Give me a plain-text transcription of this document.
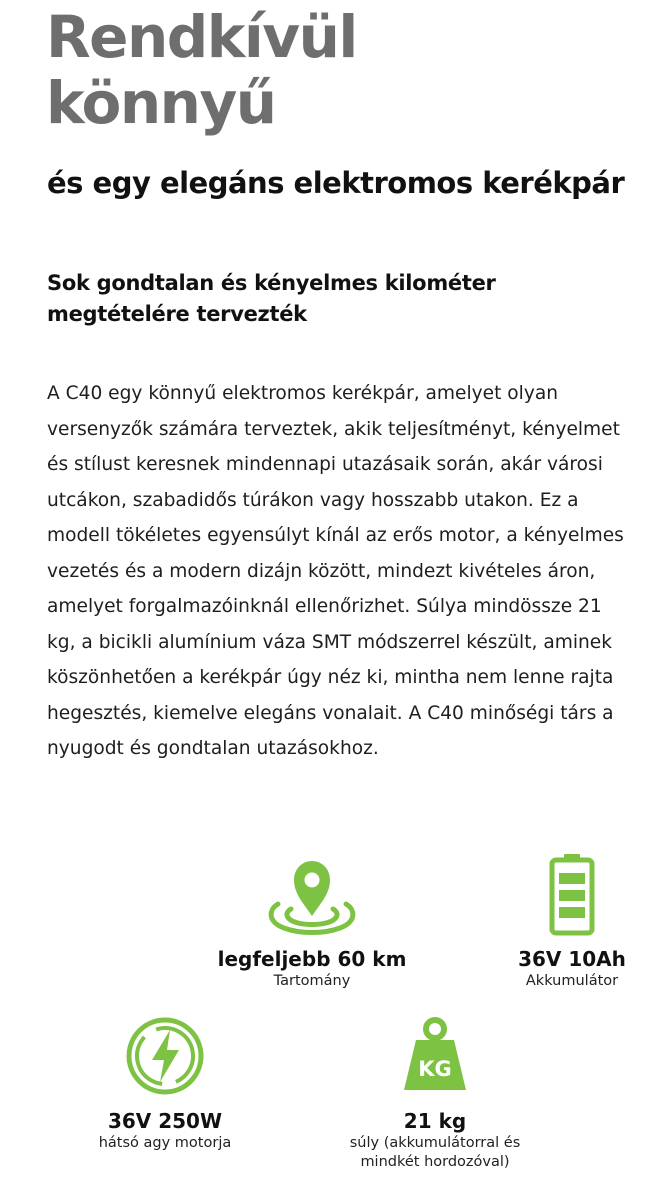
Rendkívül
könnyű
és egy elegáns elektromos kerékpár
Sok gondtalan és kényelmes kilométer megtételére tervezték

A C40 egy könnyű elektromos kerékpár, amelyet olyan versenyzők számára terveztek, akik teljesítményt, kényelmet és stílust keresnek mindennapi utazásaik során, akár városi utcákon, szabadidős túrákon vagy hosszabb utakon. Ez a modell tökéletes egyensúlyt kínál az erős motor, a kényelmes vezetés és a modern dizájn között, mindezt kivételes áron, amelyet forgalmazóinknál ellenőrizhet. Súlya mindössze 21 kg, a bicikli alumínium váza SMT módszerrel készült, aminek köszönhetően a kerékpár úgy néz ki, mintha nem lenne rajta hegesztés, kiemelve elegáns vonalait. A C40 minőségi társ a nyugodt és gondtalan utazásokhoz.

legfeljebb 60 km
Tartomány
36V 10Ah
Akkumulátor
36V 250W
hátsó agy motorja
KG
21 kg
súly (akkumulátorral és mindkét hordozóval)
